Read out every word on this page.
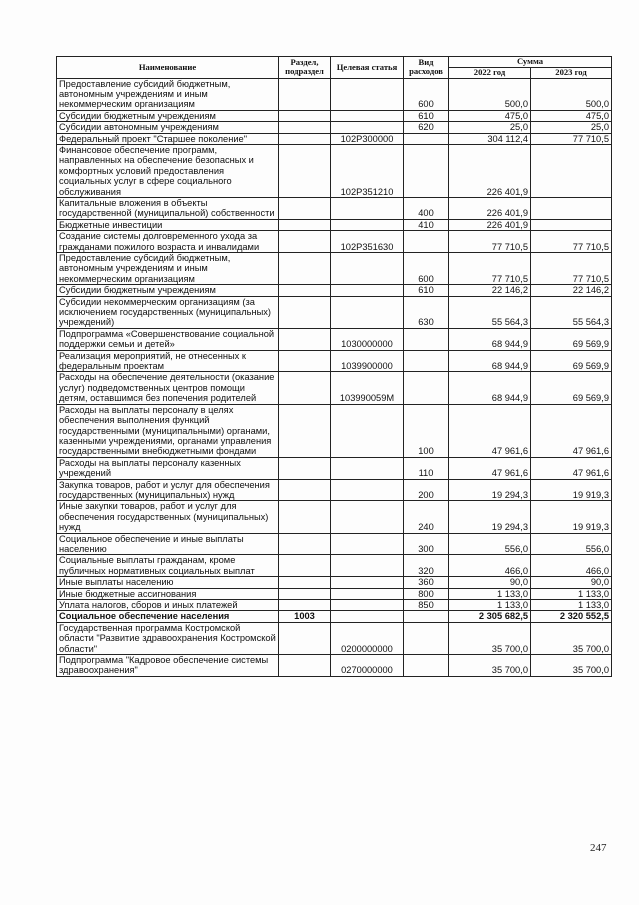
Наименование	Раздел, подраздел	Целевая статья	Вид расходов	Сумма	
				2022 год	2023 год
Предоставление субсидий бюджетным, автономным учреждениям и иным некоммерческим организациям			600	500,0	500,0
Субсидии бюджетным учреждениям			610	475,0	475,0
Субсидии автономным учреждениям			620	25,0	25,0
Федеральный проект "Старшее поколение"		102P300000		304 112,4	77 710,5
Финансовое обеспечение программ, направленных на обеспечение безопасных и комфортных условий предоставления социальных услуг в сфере социального обслуживания		102P351210		226 401,9	
Капитальные вложения в объекты государственной (муниципальной) собственности			400	226 401,9	
Бюджетные инвестиции			410	226 401,9	
Создание системы долговременного ухода за гражданами пожилого возраста и инвалидами		102P351630		77 710,5	77 710,5
Предоставление субсидий бюджетным, автономным учреждениям и иным некоммерческим организациям			600	77 710,5	77 710,5
Субсидии бюджетным учреждениям			610	22 146,2	22 146,2
Субсидии некоммерческим организациям (за исключением государственных (муниципальных) учреждений)			630	55 564,3	55 564,3
Подпрограмма «Совершенствование социальной поддержки семьи и детей»		1030000000		68 944,9	69 569,9
Реализация мероприятий, не отнесенных к федеральным проектам		1039900000		68 944,9	69 569,9
Расходы на обеспечение деятельности (оказание услуг) подведомственных центров помощи детям, оставшимся без попечения родителей		103990059M		68 944,9	69 569,9
Расходы на выплаты персоналу в целях обеспечения выполнения функций государственными (муниципальными) органами, казенными учреждениями, органами управления государственными внебюджетными фондами			100	47 961,6	47 961,6
Расходы на выплаты персоналу казенных учреждений			110	47 961,6	47 961,6
Закупка товаров, работ и услуг для обеспечения государственных (муниципальных) нужд			200	19 294,3	19 919,3
Иные закупки товаров, работ и услуг для обеспечения государственных (муниципальных) нужд			240	19 294,3	19 919,3
Социальное обеспечение и иные выплаты населению			300	556,0	556,0
Социальные выплаты гражданам, кроме публичных нормативных социальных выплат			320	466,0	466,0
Иные выплаты населению			360	90,0	90,0
Иные бюджетные ассигнования			800	1 133,0	1 133,0
Уплата налогов, сборов и иных платежей			850	1 133,0	1 133,0
Социальное обеспечение населения	1003			2 305 682,5	2 320 552,5
Государственная программа Костромской области "Развитие здравоохранения Костромской области"		0200000000		35 700,0	35 700,0
Подпрограмма "Кадровое обеспечение системы здравоохранения"		0270000000		35 700,0	35 700,0
247
